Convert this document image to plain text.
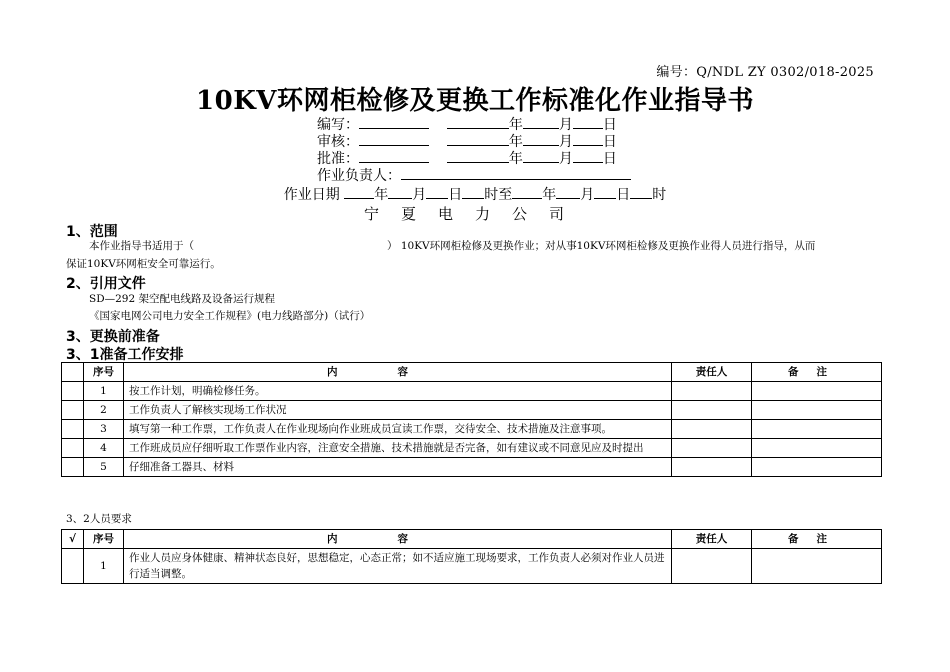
编号：Q/NDL ZY 0302/018-2025
10KV环网柜检修及更换工作标准化作业指导书
编写：	年	月 日
审核：	年	月 日
批准：	年	月 日
作业负责人：
作业日期 年 月 日 时至 年 月 日 时
宁夏电力公司
1、范围
本作业指导书适用于（	） 10KV环网柜检修及更换作业；对从事10KV环网柜检修及更换作业得人员进行指导，从而
保证10KV环网柜安全可靠运行。
2、引用文件
SD—292 架空配电线路及设备运行规程
《国家电网公司电力安全工作规程》(电力线路部分)（试行）
3、更换前准备
3、1准备工作安排
	序号	内容	责任人	备注
	1	按工作计划，明确检修任务。		
	2	工作负责人了解核实现场工作状况		
	3	填写第一种工作票，工作负责人在作业现场向作业班成员宣读工作票，交待安全、技术措施及注意事项。		
	4	工作班成员应仔细听取工作票作业内容，注意安全措施、技术措施就是否完备，如有建议或不同意见应及时提出		
	5	仔细准备工器具、材料		
3、2人员要求
√	序号	内容	责任人	备注
	1	作业人员应身体健康、精神状态良好，思想稳定，心态正常；如不适应施工现场要求，工作负责人必须对作业人员进行适当调整。		
